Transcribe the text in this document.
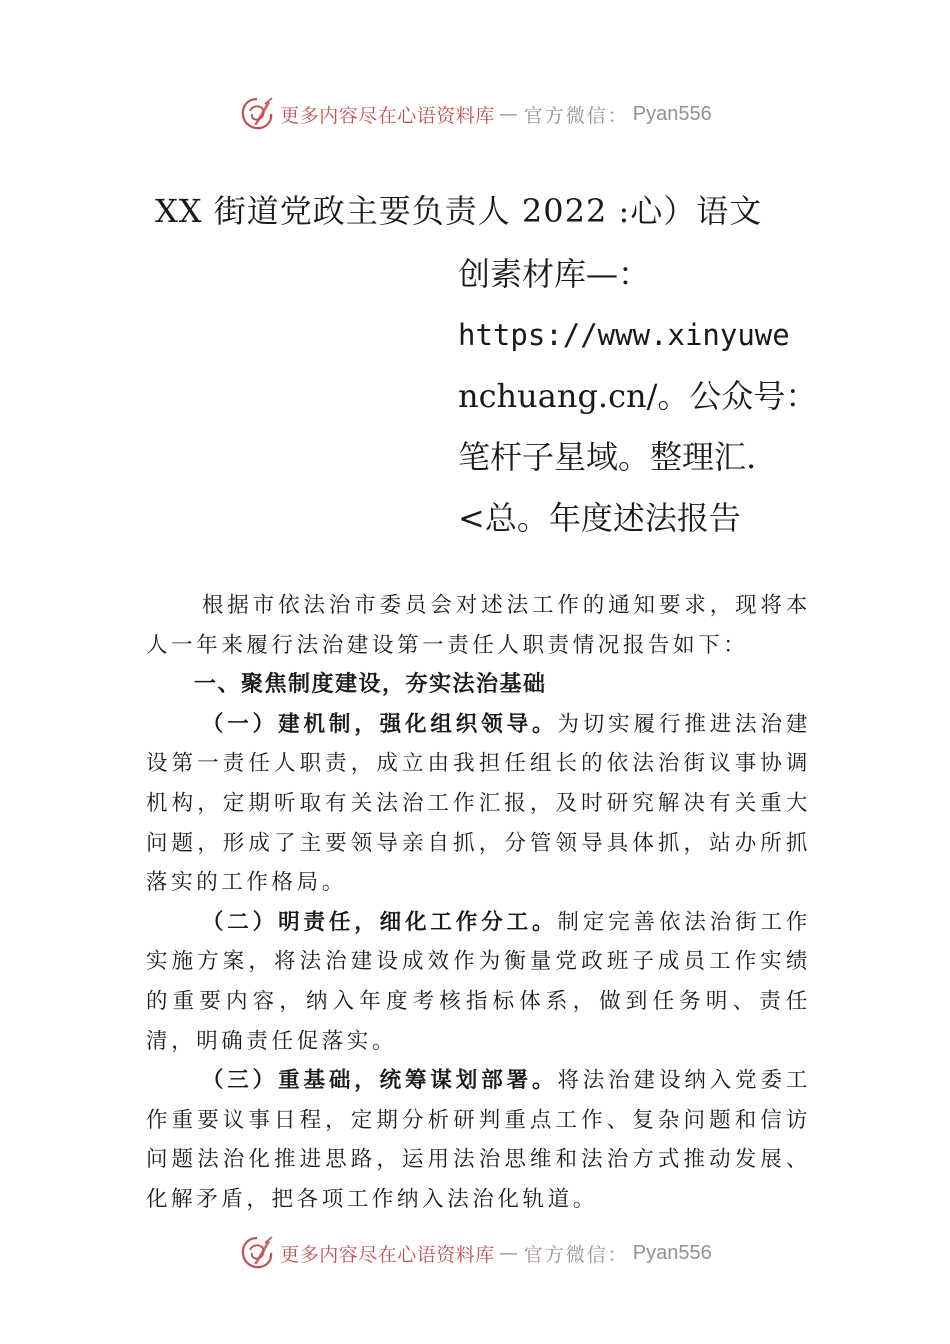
更多内容尽在心语资料库 — 官方微信： Pyan556
XX 街道党政主要负责人 2022 :心）语文
创素材库—：
https://www.xinyuwe
nchuang.cn/。公众号：
笔杆子星域。整理汇.
<总。年度述法报告

根据市依法治市委员会对述法工作的通知要求，现将本人一年来履行法治建设第一责任人职责情况报告如下：

一、聚焦制度建设，夯实法治基础

（一）建机制，强化组织领导。为切实履行推进法治建设第一责任人职责，成立由我担任组长的依法治街议事协调机构，定期听取有关法治工作汇报，及时研究解决有关重大问题，形成了主要领导亲自抓，分管领导具体抓，站办所抓落实的工作格局。

（二）明责任，细化工作分工。制定完善依法治街工作实施方案，将法治建设成效作为衡量党政班子成员工作实绩的重要内容，纳入年度考核指标体系，做到任务明、责任清，明确责任促落实。

（三）重基础，统筹谋划部署。将法治建设纳入党委工作重要议事日程，定期分析研判重点工作、复杂问题和信访问题法治化推进思路，运用法治思维和法治方式推动发展、 化解矛盾，把各项工作纳入法治化轨道。

更多内容尽在心语资料库 — 官方微信： Pyan556
